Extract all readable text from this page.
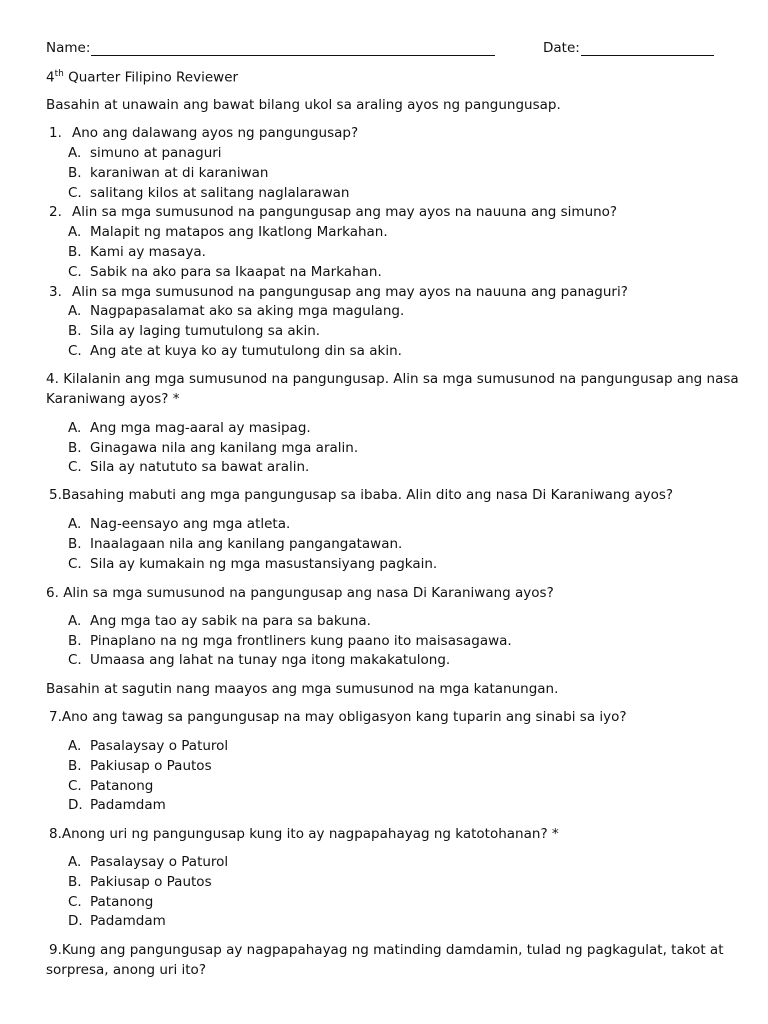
Name:	Date:
4th Quarter Filipino Reviewer
Basahin at unawain ang bawat bilang ukol sa araling ayos ng pangungusap.
1. Ano ang dalawang ayos ng pangungusap?
A. simuno at panaguri
B. karaniwan at di karaniwan
C. salitang kilos at salitang naglalarawan
2. Alin sa mga sumusunod na pangungusap ang may ayos na nauuna ang simuno?
A. Malapit ng matapos ang Ikatlong Markahan.
B. Kami ay masaya.
C. Sabik na ako para sa Ikaapat na Markahan.
3. Alin sa mga sumusunod na pangungusap ang may ayos na nauuna ang panaguri?
A. Nagpapasalamat ako sa aking mga magulang.
B. Sila ay laging tumutulong sa akin.
C. Ang ate at kuya ko ay tumutulong din sa akin.
4. Kilalanin ang mga sumusunod na pangungusap. Alin sa mga sumusunod na pangungusap ang nasa
Karaniwang ayos? *
A. Ang mga mag-aaral ay masipag.
B. Ginagawa nila ang kanilang mga aralin.
C. Sila ay natututo sa bawat aralin.
5.Basahing mabuti ang mga pangungusap sa ibaba. Alin dito ang nasa Di Karaniwang ayos?
A. Nag-eensayo ang mga atleta.
B. Inaalagaan nila ang kanilang pangangatawan.
C. Sila ay kumakain ng mga masustansiyang pagkain.
6. Alin sa mga sumusunod na pangungusap ang nasa Di Karaniwang ayos?
A. Ang mga tao ay sabik na para sa bakuna.
B. Pinaplano na ng mga frontliners kung paano ito maisasagawa.
C. Umaasa ang lahat na tunay nga itong makakatulong.
Basahin at sagutin nang maayos ang mga sumusunod na mga katanungan.
7.Ano ang tawag sa pangungusap na may obligasyon kang tuparin ang sinabi sa iyo?
A. Pasalaysay o Paturol
B. Pakiusap o Pautos
C. Patanong
D. Padamdam
8.Anong uri ng pangungusap kung ito ay nagpapahayag ng katotohanan? *
A. Pasalaysay o Paturol
B. Pakiusap o Pautos
C. Patanong
D. Padamdam
9.Kung ang pangungusap ay nagpapahayag ng matinding damdamin, tulad ng pagkagulat, takot at
sorpresa, anong uri ito?
